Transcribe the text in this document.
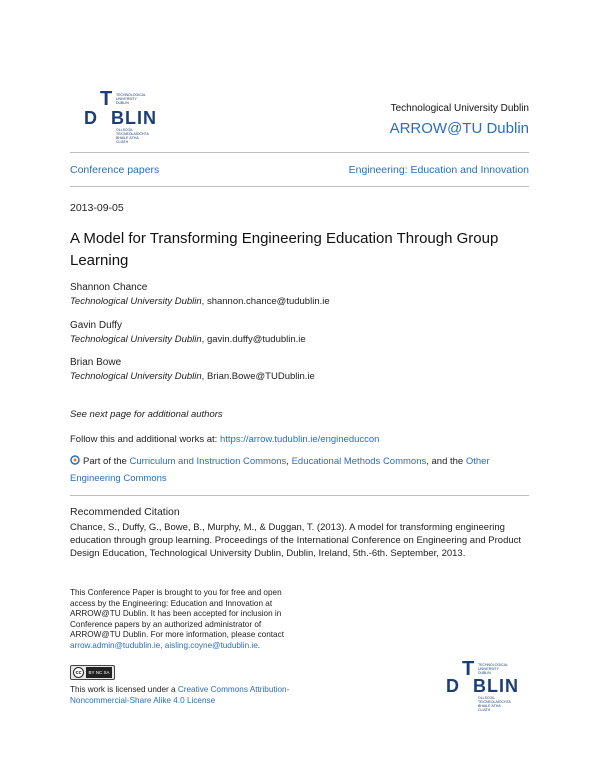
T TECHNOLOGICAL UNIVERSITY DUBLIN
D BLIN
OLLSCOIL TEICNEOLAÍOCHTA BHAILE ÁTHA CLIATH
Technological University Dublin
ARROW@TU Dublin
Conference papers	Engineering: Education and Innovation
2013-09-05
A Model for Transforming Engineering Education Through Group Learning
Shannon Chance
Technological University Dublin, shannon.chance@tudublin.ie
Gavin Duffy
Technological University Dublin, gavin.duffy@tudublin.ie
Brian Bowe
Technological University Dublin, Brian.Bowe@TUDublin.ie
See next page for additional authors
Follow this and additional works at: https://arrow.tudublin.ie/engineduccon
Part of the Curriculum and Instruction Commons, Educational Methods Commons, and the Other Engineering Commons
Recommended Citation
Chance, S., Duffy, G., Bowe, B., Murphy, M., & Duggan, T. (2013). A model for transforming engineering education through group learning. Proceedings of the International Conference on Engineering and Product Design Education, Technological University Dublin, Dublin, Ireland, 5th.-6th. September, 2013.
This Conference Paper is brought to you for free and open access by the Engineering: Education and Innovation at ARROW@TU Dublin. It has been accepted for inclusion in Conference papers by an authorized administrator of ARROW@TU Dublin. For more information, please contact arrow.admin@tudublin.ie, aisling.coyne@tudublin.ie.
cc	BY NC SA
This work is licensed under a Creative Commons Attribution-Noncommercial-Share Alike 4.0 License
T TECHNOLOGICAL UNIVERSITY DUBLIN
D BLIN
OLLSCOIL TEICNEOLAÍOCHTA BHAILE ÁTHA CLIATH
